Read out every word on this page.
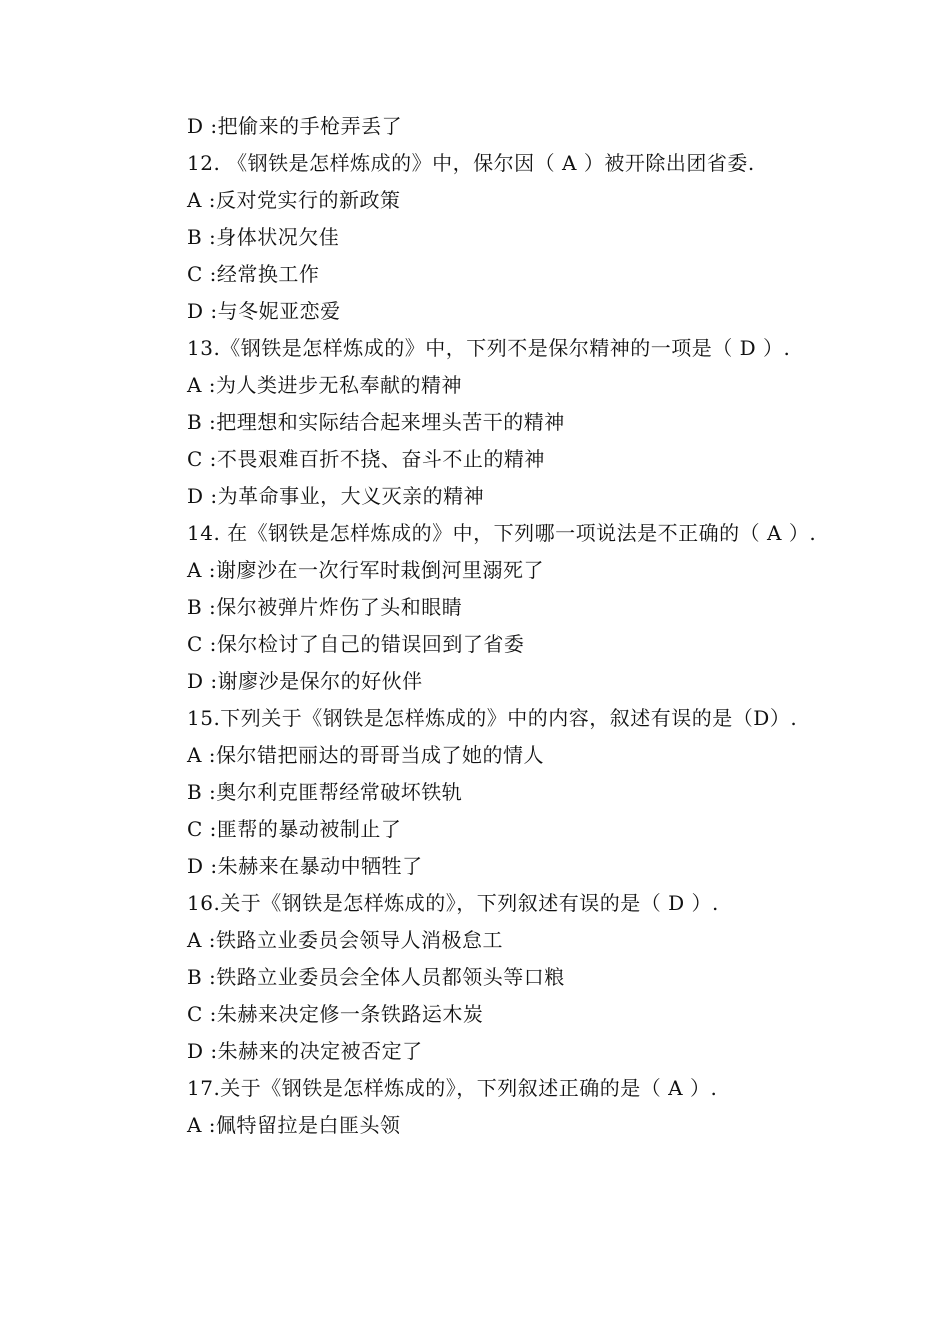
D :把偷来的手枪弄丢了
12. 《钢铁是怎样炼成的》中，保尔因（ A ）被开除出团省委.
A :反对党实行的新政策
B :身体状况欠佳
C :经常换工作
D :与冬妮亚恋爱
13.《钢铁是怎样炼成的》中，下列不是保尔精神的一项是（ D ）.
A :为人类进步无私奉献的精神
B :把理想和实际结合起来埋头苦干的精神
C :不畏艰难百折不挠、奋斗不止的精神
D :为革命事业，大义灭亲的精神
14. 在《钢铁是怎样炼成的》中，下列哪一项说法是不正确的（ A ）.
A :谢廖沙在一次行军时栽倒河里溺死了
B :保尔被弹片炸伤了头和眼睛
C :保尔检讨了自己的错误回到了省委
D :谢廖沙是保尔的好伙伴
15.下列关于《钢铁是怎样炼成的》中的内容，叙述有误的是（D）.
A :保尔错把丽达的哥哥当成了她的情人
B :奥尔利克匪帮经常破坏铁轨
C :匪帮的暴动被制止了
D :朱赫来在暴动中牺牲了
16.关于《钢铁是怎样炼成的》，下列叙述有误的是（ D ）.
A :铁路立业委员会领导人消极怠工
B :铁路立业委员会全体人员都领头等口粮
C :朱赫来决定修一条铁路运木炭
D :朱赫来的决定被否定了
17.关于《钢铁是怎样炼成的》，下列叙述正确的是（ A ）.
A :佩特留拉是白匪头领
